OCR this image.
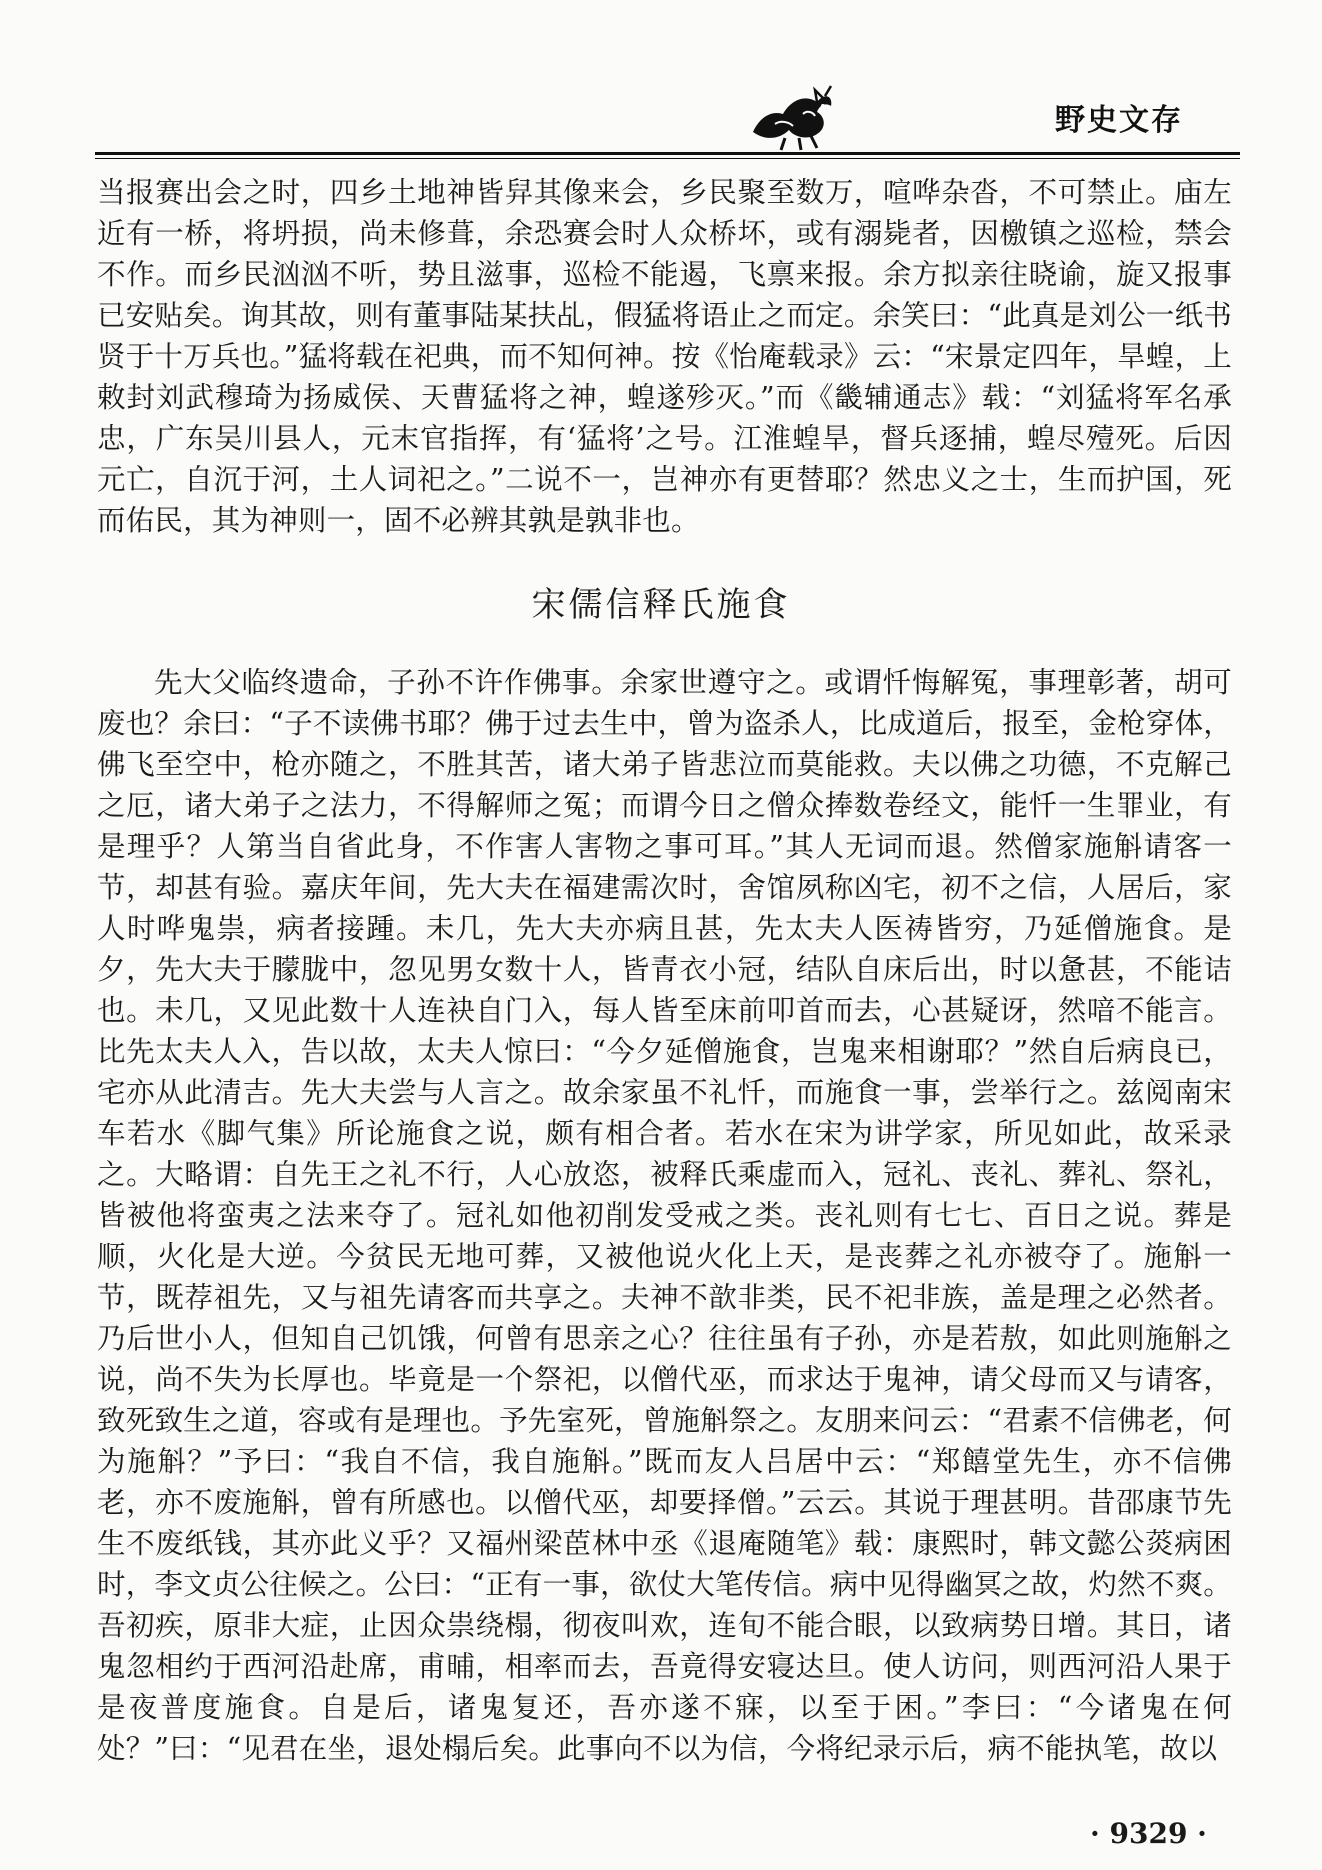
野史文存

当报赛出会之时，四乡土地神皆舁其像来会，乡民聚至数万，喧哗杂沓，不可禁止。庙左近有一桥，将坍损，尚未修葺，余恐赛会时人众桥坏，或有溺毙者，因檄镇之巡检，禁会不作。而乡民汹汹不听，势且滋事，巡检不能遏，飞禀来报。余方拟亲往晓谕，旋又报事已安贴矣。询其故，则有董事陆某扶乩，假猛将语止之而定。余笑曰：“此真是刘公一纸书贤于十万兵也。”猛将载在祀典，而不知何神。按《怡庵载录》云：“宋景定四年，旱蝗，上敕封刘武穆琦为扬威侯、天曹猛将之神，蝗遂殄灭。”而《畿辅通志》载：“刘猛将军名承忠，广东吴川县人，元末官指挥，有‘猛将’之号。江淮蝗旱，督兵逐捕，蝗尽殪死。后因元亡，自沉于河，土人词祀之。”二说不一，岂神亦有更替耶？然忠义之士，生而护国，死而佑民，其为神则一，固不必辨其孰是孰非也。

宋儒信释氏施食

先大父临终遗命，子孙不许作佛事。余家世遵守之。或谓忏悔解冤，事理彰著，胡可废也？余曰：“子不读佛书耶？佛于过去生中，曾为盗杀人，比成道后，报至，金枪穿体，佛飞至空中，枪亦随之，不胜其苦，诸大弟子皆悲泣而莫能救。夫以佛之功德，不克解己之厄，诸大弟子之法力，不得解师之冤；而谓今日之僧众捧数卷经文，能忏一生罪业，有是理乎？人第当自省此身，不作害人害物之事可耳。”其人无词而退。然僧家施斛请客一节，却甚有验。嘉庆年间，先大夫在福建需次时，舍馆夙称凶宅，初不之信，人居后，家人时哗鬼祟，病者接踵。未几，先大夫亦病且甚，先太夫人医祷皆穷，乃延僧施食。是夕，先大夫于朦胧中，忽见男女数十人，皆青衣小冠，结队自床后出，时以惫甚，不能诘也。未几，又见此数十人连袂自门入，每人皆至床前叩首而去，心甚疑讶，然喑不能言。比先太夫人入，告以故，太夫人惊曰：“今夕延僧施食，岂鬼来相谢耶？”然自后病良已，宅亦从此清吉。先大夫尝与人言之。故余家虽不礼忏，而施食一事，尝举行之。兹阅南宋车若水《脚气集》所论施食之说，颇有相合者。若水在宋为讲学家，所见如此，故采录之。大略谓：自先王之礼不行，人心放恣，被释氏乘虚而入，冠礼、丧礼、葬礼、祭礼，皆被他将蛮夷之法来夺了。冠礼如他初削发受戒之类。丧礼则有七七、百日之说。葬是顺，火化是大逆。今贫民无地可葬，又被他说火化上天，是丧葬之礼亦被夺了。施斛一节，既荐祖先，又与祖先请客而共享之。夫神不歆非类，民不祀非族，盖是理之必然者。乃后世小人，但知自己饥饿，何曾有思亲之心？往往虽有子孙，亦是若敖，如此则施斛之说，尚不失为长厚也。毕竟是一个祭祀，以僧代巫，而求达于鬼神，请父母而又与请客，致死致生之道，容或有是理也。予先室死，曾施斛祭之。友朋来问云：“君素不信佛老，何为施斛？”予曰：“我自不信，我自施斛。”既而友人吕居中云：“郑饎堂先生，亦不信佛老，亦不废施斛，曾有所感也。以僧代巫，却要择僧。”云云。其说于理甚明。昔邵康节先生不废纸钱，其亦此义乎？又福州梁茞林中丞《退庵随笔》载：康熙时，韩文懿公菼病困时，李文贞公往候之。公曰：“正有一事，欲仗大笔传信。病中见得幽冥之故，灼然不爽。吾初疾，原非大症，止因众祟绕榻，彻夜叫欢，连旬不能合眼，以致病势日增。其日，诸鬼忽相约于西河沿赴席，甫晡，相率而去，吾竟得安寝达旦。使人访问，则西河沿人果于是夜普度施食。自是后，诸鬼复还，吾亦遂不寐，以至于困。”李曰：“今诸鬼在何处？”曰：“见君在坐，退处榻后矣。此事向不以为信，今将纪录示后，病不能执笔，故以

· 9329 ·
